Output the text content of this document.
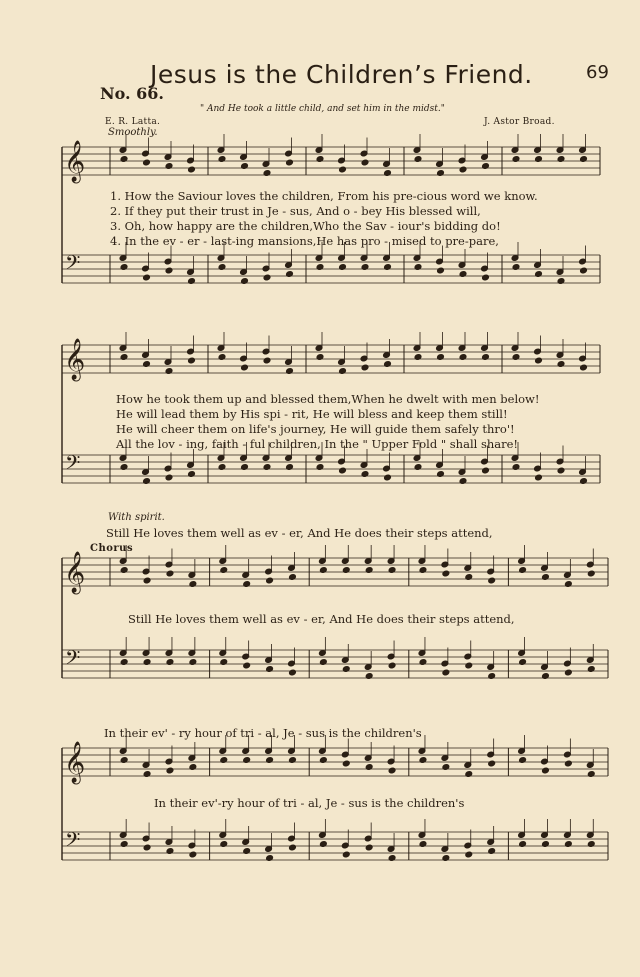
Jesus is the Children’s Friend.	69
No. 66.
" And He took a little child, and set him in the midst."
E. R. Latta.	J. Astor Broad.
Smoothly.
𝄞
𝄢
𝄞
𝄢
𝄞
𝄢
𝄞
𝄢
1. How the Saviour loves the children, From his pre-cious word we know.
2. If they put their trust in Je - sus, And o - bey His blessed will,
3. Oh, how happy are the children,Who the Sav - iour's bidding do!
4. In the ev - er - last-ing mansions,He has pro - mised to pre-pare,
How he took them up and blessed them,When he dwelt with men below!
He will lead them by His spi - rit, He will bless and keep them still!
He will cheer them on life's journey, He will guide them safely thro'!
All the lov - ing, faith - ful children, In the " Upper Fold " shall share!
With spirit.
Still He loves them well as ev - er, And He does their steps attend,
Chorus
Still He loves them well as ev - er, And He does their steps attend,
In their ev' - ry hour of tri - al, Je - sus is the children's
In their ev'-ry hour of tri - al, Je - sus is the children's
